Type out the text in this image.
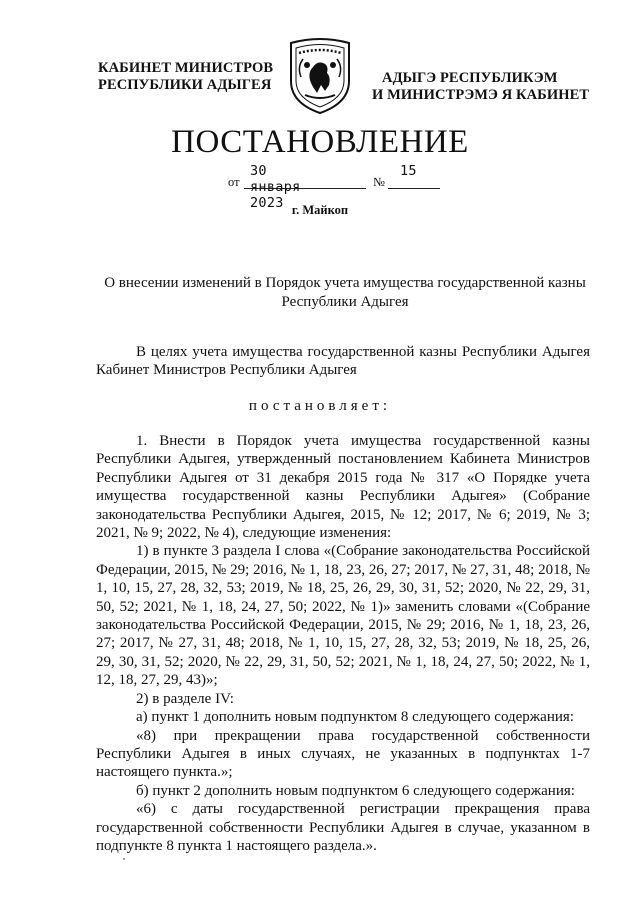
КАБИНЕТ МИНИСТРОВ
РЕСПУБЛИКИ АДЫГЕЯ	АДЫГЭ РЕСПУБЛИКЭМ
И МИНИСТРЭМЭ Я КАБИНЕТ
ПОСТАНОВЛЕНИЕ
от
30 января 2023
№
15
г. Майкоп
О внесении изменений в Порядок учета имущества государственной казны Республики Адыгея

В целях учета имущества государственной казны Республики Адыгея Кабинет Министров Республики Адыгея

постановляет:

1. Внести в Порядок учета имущества государственной казны Республики Адыгея, утвержденный постановлением Кабинета Министров Республики Адыгея от 31 декабря 2015 года № 317 «О Порядке учета имущества государственной казны Республики Адыгея» (Собрание законодательства Республики Адыгея, 2015, № 12; 2017, № 6; 2019, № 3; 2021, № 9; 2022, № 4), следующие изменения:

1) в пункте 3 раздела I слова «(Собрание законодательства Российской Федерации, 2015, № 29; 2016, № 1, 18, 23, 26, 27; 2017, № 27, 31, 48; 2018, № 1, 10, 15, 27, 28, 32, 53; 2019, № 18, 25, 26, 29, 30, 31, 52; 2020, № 22, 29, 31, 50, 52; 2021, № 1, 18, 24, 27, 50; 2022, № 1)» заменить словами «(Собрание законодательства Российской Федерации, 2015, № 29; 2016, № 1, 18, 23, 26, 27; 2017, № 27, 31, 48; 2018, № 1, 10, 15, 27, 28, 32, 53; 2019, № 18, 25, 26, 29, 30, 31, 52; 2020, № 22, 29, 31, 50, 52; 2021, № 1, 18, 24, 27, 50; 2022, № 1, 12, 18, 27, 29, 43)»;

2) в разделе IV:

а) пункт 1 дополнить новым подпунктом 8 следующего содержания:

«8) при прекращении права государственной собственности Республики Адыгея в иных случаях, не указанных в подпунктах 1-7 настоящего пункта.»;

б) пункт 2 дополнить новым подпунктом 6 следующего содержания:

«6) с даты государственной регистрации прекращения права государственной собственности Республики Адыгея в случае, указанном в подпункте 8 пункта 1 настоящего раздела.».
